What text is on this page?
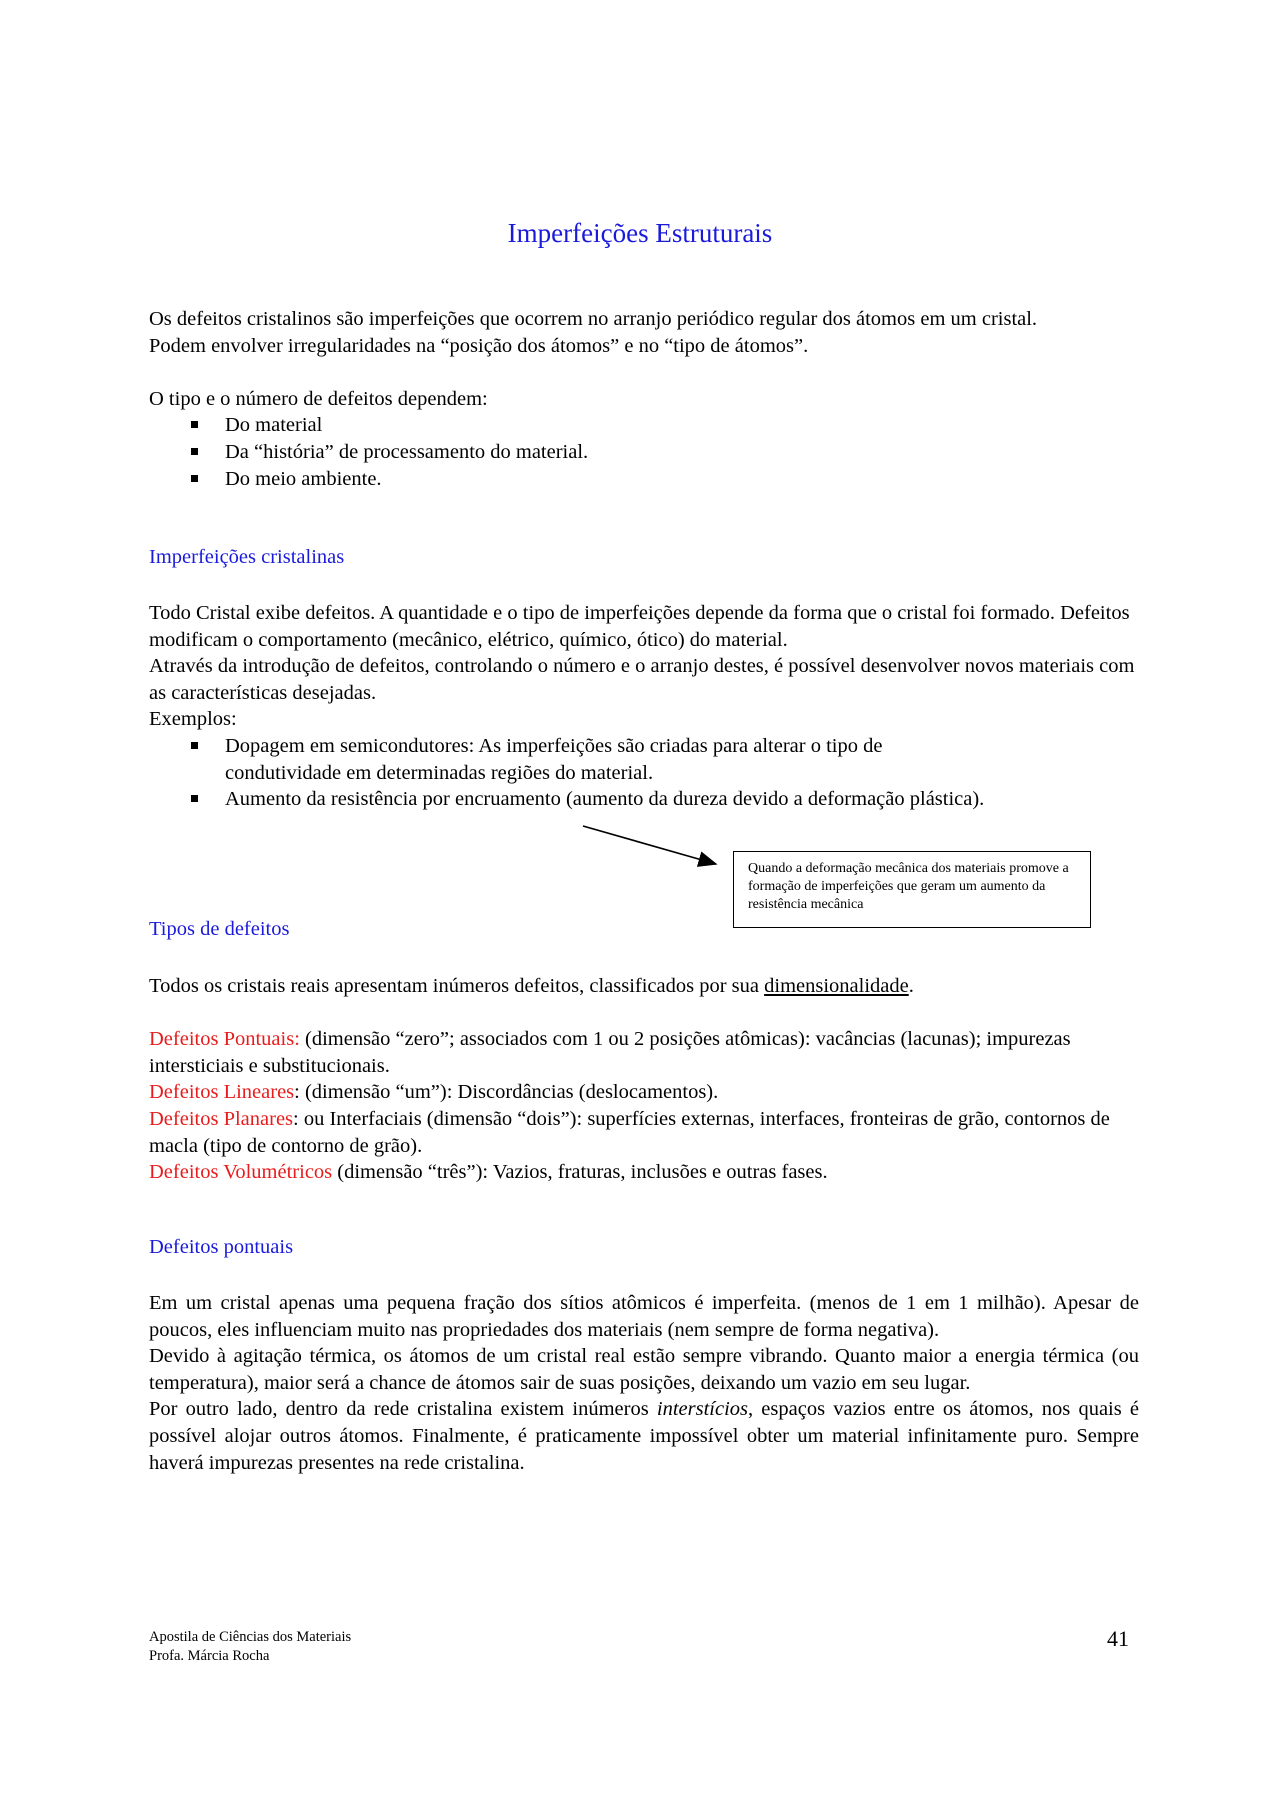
Imperfeições Estruturais

Os defeitos cristalinos são imperfeições que ocorrem no arranjo periódico regular dos átomos em um cristal.

Podem envolver irregularidades na “posição dos átomos” e no “tipo de átomos”.

O tipo e o número de defeitos dependem:

Do material
Da “história” de processamento do material.
Do meio ambiente.
Imperfeições cristalinas

Todo Cristal exibe defeitos. A quantidade e o tipo de imperfeições depende da forma que o cristal foi formado. Defeitos modificam o comportamento (mecânico, elétrico, químico, ótico) do material.

Através da introdução de defeitos, controlando o número e o arranjo destes, é possível desenvolver novos materiais com as características desejadas.

Exemplos:

Dopagem em semicondutores: As imperfeições são criadas para alterar o tipo de condutividade em determinadas regiões do material.
Aumento da resistência por encruamento (aumento da dureza devido a deformação plástica).
Quando a deformação mecânica dos materiais promove a formação de imperfeições que geram um aumento da resistência mecânica
Tipos de defeitos

Todos os cristais reais apresentam inúmeros defeitos, classificados por sua dimensionalidade.

Defeitos Pontuais: (dimensão “zero”; associados com 1 ou 2 posições atômicas): vacâncias (lacunas); impurezas intersticiais e substitucionais.

Defeitos Lineares: (dimensão “um”): Discordâncias (deslocamentos).

Defeitos Planares: ou Interfaciais (dimensão “dois”): superfícies externas, interfaces, fronteiras de grão, contornos de macla (tipo de contorno de grão).

Defeitos Volumétricos (dimensão “três”): Vazios, fraturas, inclusões e outras fases.

Defeitos pontuais

Em um cristal apenas uma pequena fração dos sítios atômicos é imperfeita. (menos de 1 em 1 milhão). Apesar de poucos, eles influenciam muito nas propriedades dos materiais (nem sempre de forma negativa).

Devido à agitação térmica, os átomos de um cristal real estão sempre vibrando. Quanto maior a energia térmica (ou temperatura), maior será a chance de átomos sair de suas posições, deixando um vazio em seu lugar.

Por outro lado, dentro da rede cristalina existem inúmeros interstícios, espaços vazios entre os átomos, nos quais é possível alojar outros átomos. Finalmente, é praticamente impossível obter um material infinitamente puro. Sempre haverá impurezas presentes na rede cristalina.

Apostila de Ciências dos Materiais
Profa. Márcia Rocha
41
